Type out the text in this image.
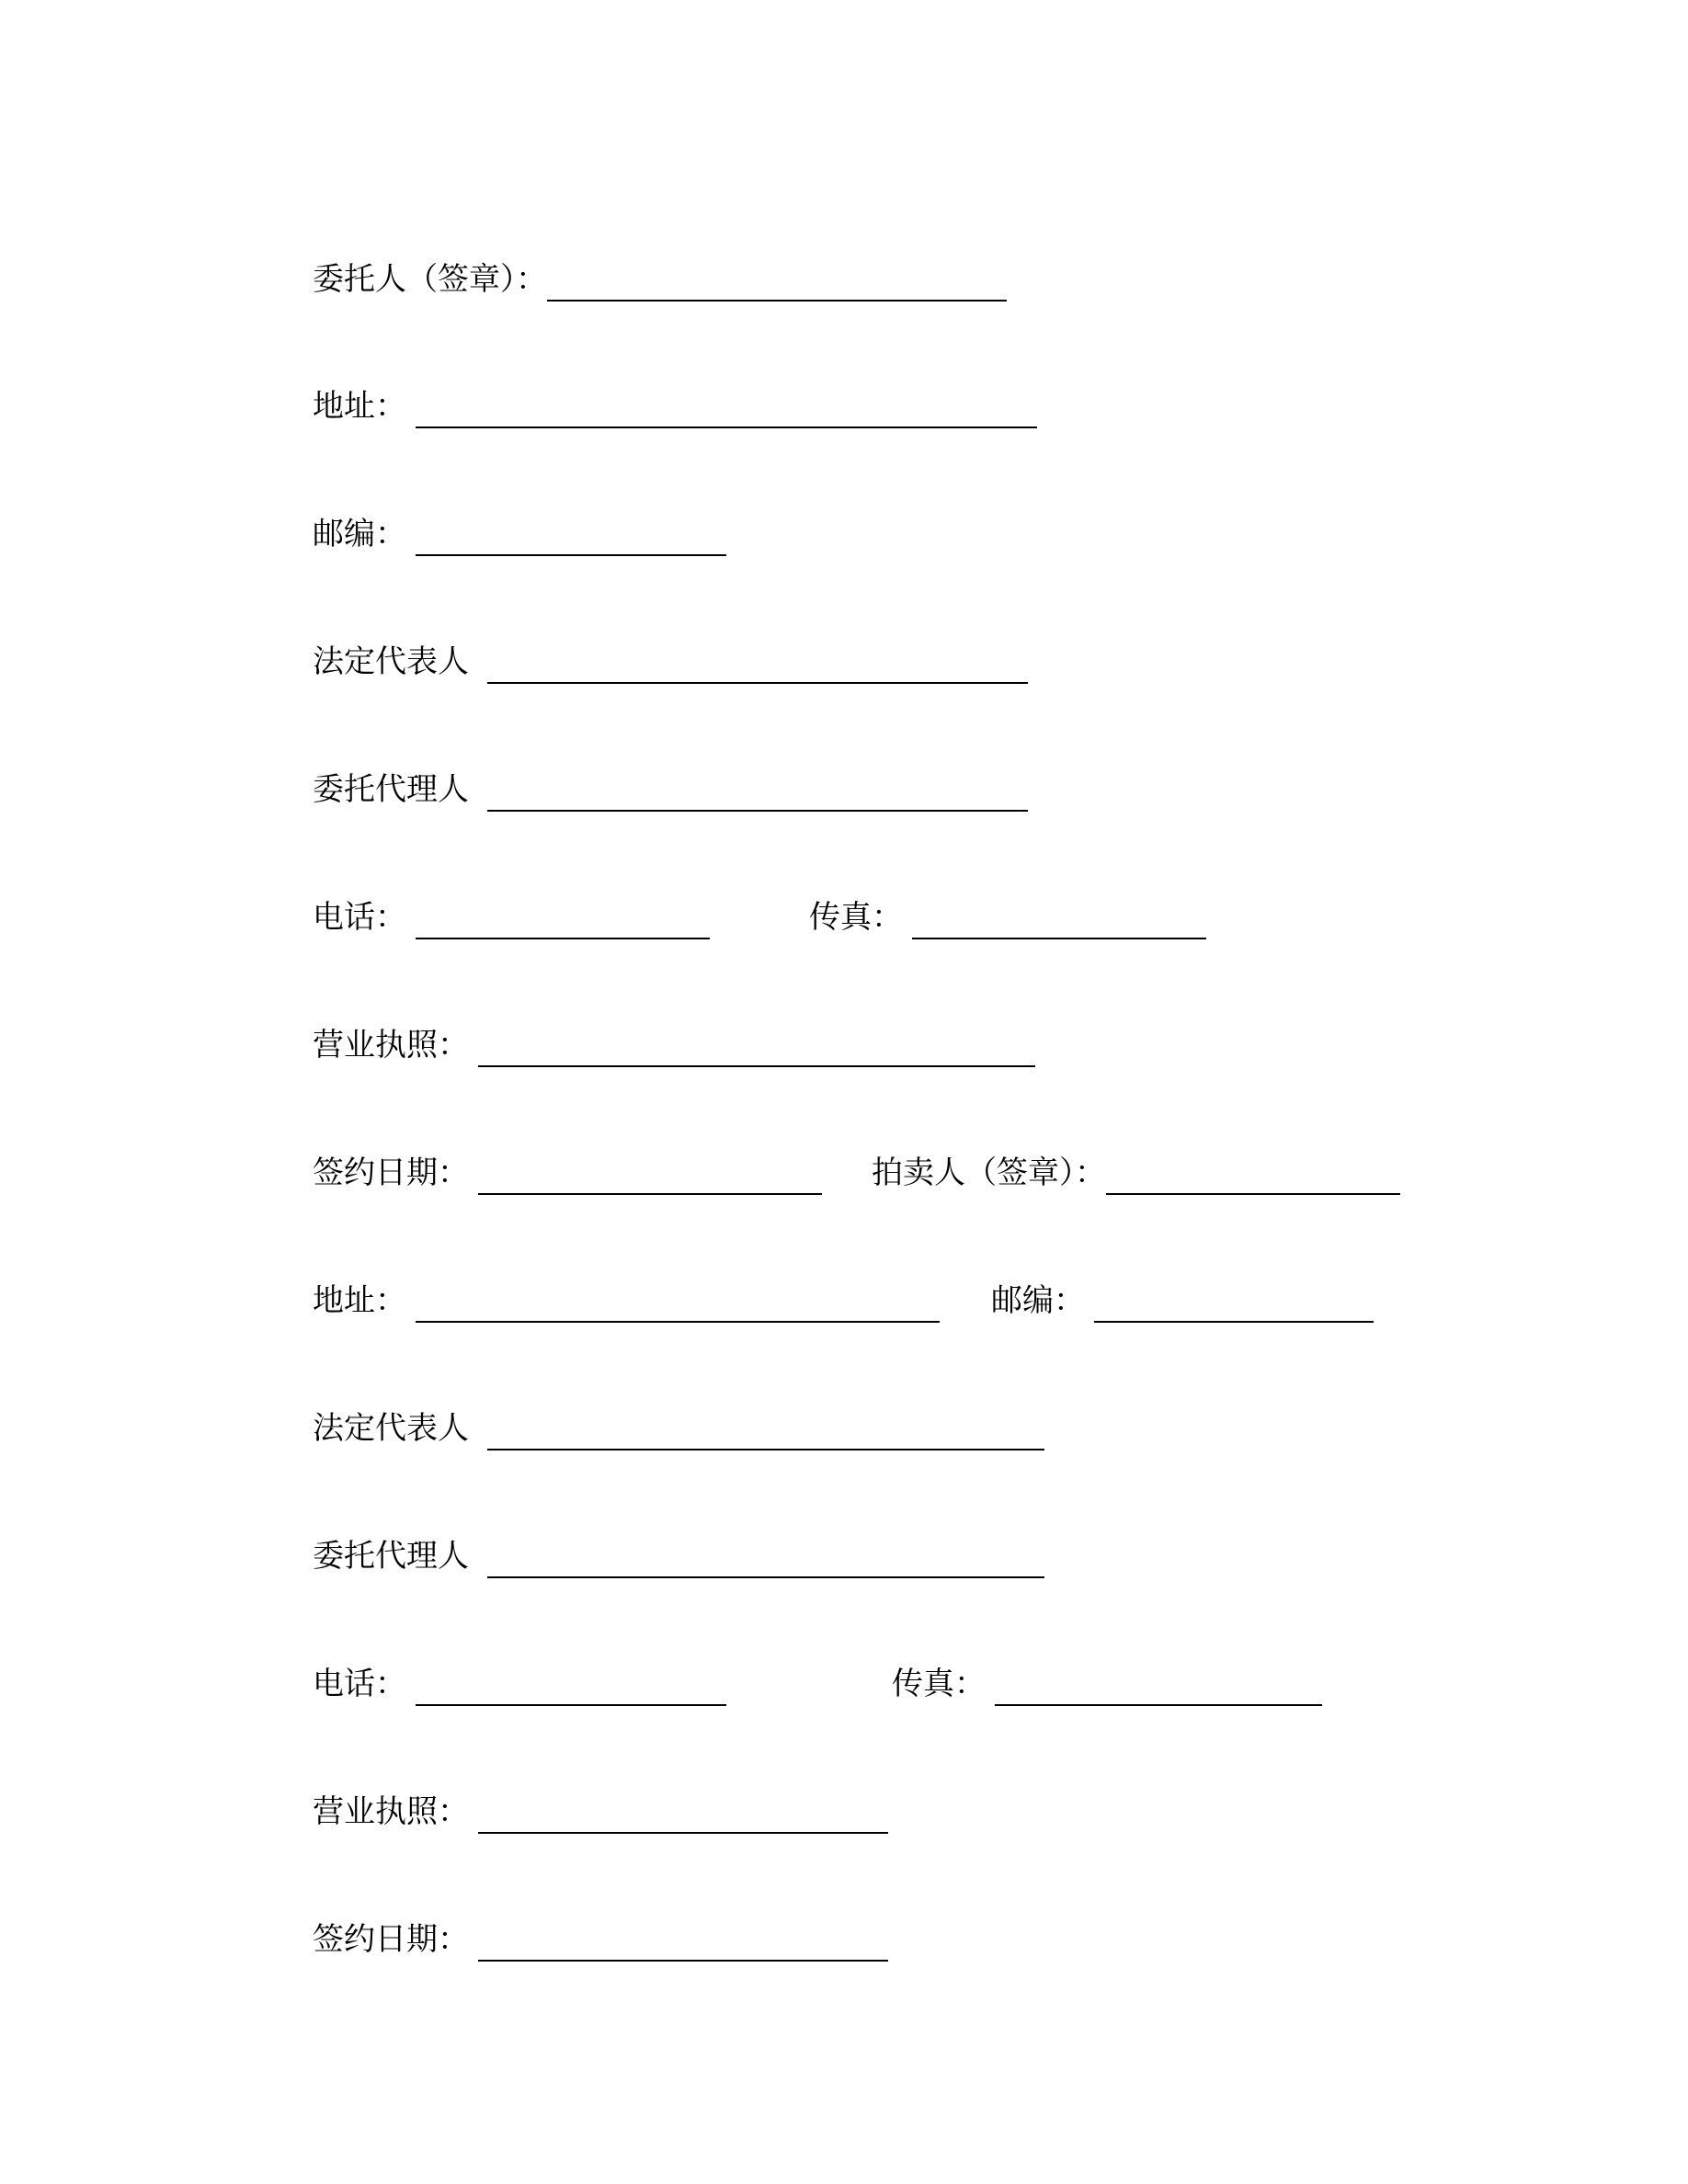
委托人（签章）：
地址：
邮编：
法定代表人
委托代理人
电话：	传真：
营业执照：
签约日期：	拍卖人（签章）：
地址：	邮编：
法定代表人
委托代理人
电话：	传真：
营业执照：
签约日期：
